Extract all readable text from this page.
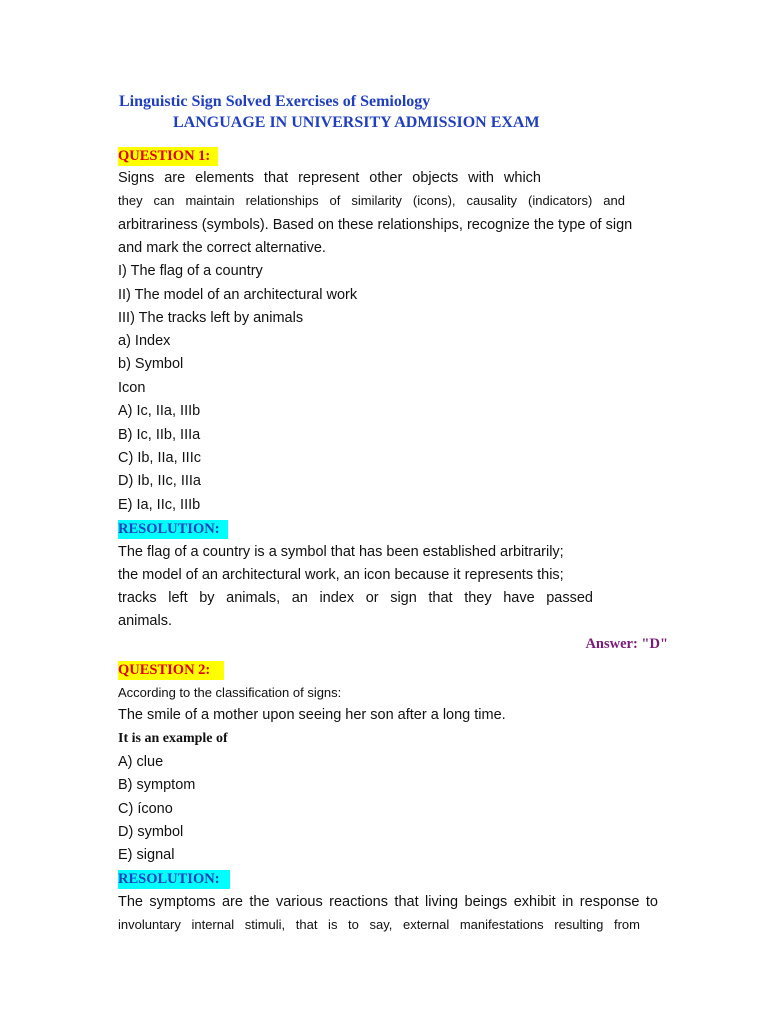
Linguistic Sign Solved Exercises of Semiology
LANGUAGE IN UNIVERSITY ADMISSION EXAM
QUESTION 1:
Signs are elements that represent other objects with which
they can maintain relationships of similarity (icons), causality (indicators) and
arbitrariness (symbols). Based on these relationships, recognize the type of sign
and mark the correct alternative.
I) The flag of a country
II) The model of an architectural work
III) The tracks left by animals
a) Index
b) Symbol
Icon
A) Ic, IIa, IIIb
B) Ic, IIb, IIIa
C) Ib, IIa, IIIc
D) Ib, IIc, IIIa
E) Ia, IIc, IIIb
RESOLUTION:
The flag of a country is a symbol that has been established arbitrarily;
the model of an architectural work, an icon because it represents this;
tracks left by animals, an index or sign that they have passed
animals.
Answer: "D"
QUESTION 2:
According to the classification of signs:
The smile of a mother upon seeing her son after a long time.
It is an example of
A) clue
B) symptom
C) ícono
D) symbol
E) signal
RESOLUTION:
The symptoms are the various reactions that living beings exhibit in response to
involuntary internal stimuli, that is to say, external manifestations resulting from
